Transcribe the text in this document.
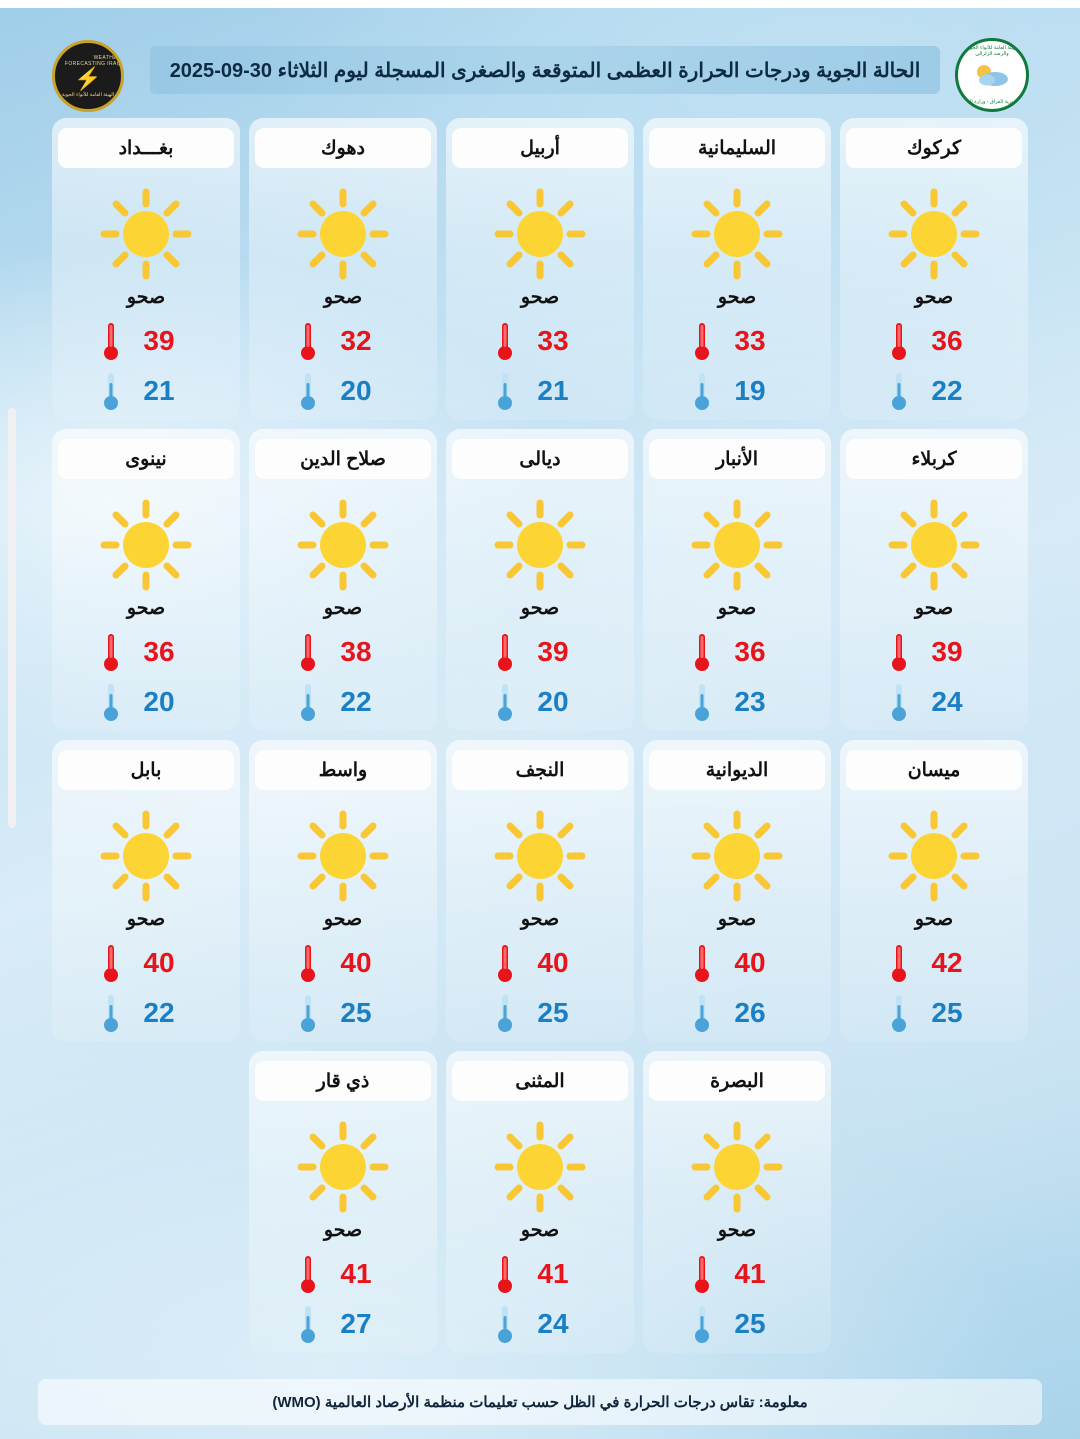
WEATHER FORECASTING IRAQ
⚡
الهيئة العامة للأنواء الجوية
الحالة الجوية ودرجات الحرارة العظمى المتوقعة والصغرى المسجلة ليوم الثلاثاء 30-09-2025
الهيئة العامة للأنواء الجوية والرصد الزلزالي
جمهورية العراق - وزارة النقل
كركوك
صحو
36
22
السليمانية
صحو
33
19
أربيل
صحو
33
21
دهوك
صحو
32
20
بغـــداد
صحو
39
21
كربلاء
صحو
39
24
الأنبار
صحو
36
23
ديالى
صحو
39
20
صلاح الدين
صحو
38
22
نينوى
صحو
36
20
ميسان
صحو
42
25
الديوانية
صحو
40
26
النجف
صحو
40
25
واسط
صحو
40
25
بابل
صحو
40
22
البصرة
صحو
41
25
المثنى
صحو
41
24
ذي قار
صحو
41
27
معلومة: تقاس درجات الحرارة في الظل حسب تعليمات منظمة الأرصاد العالمية (WMO)
